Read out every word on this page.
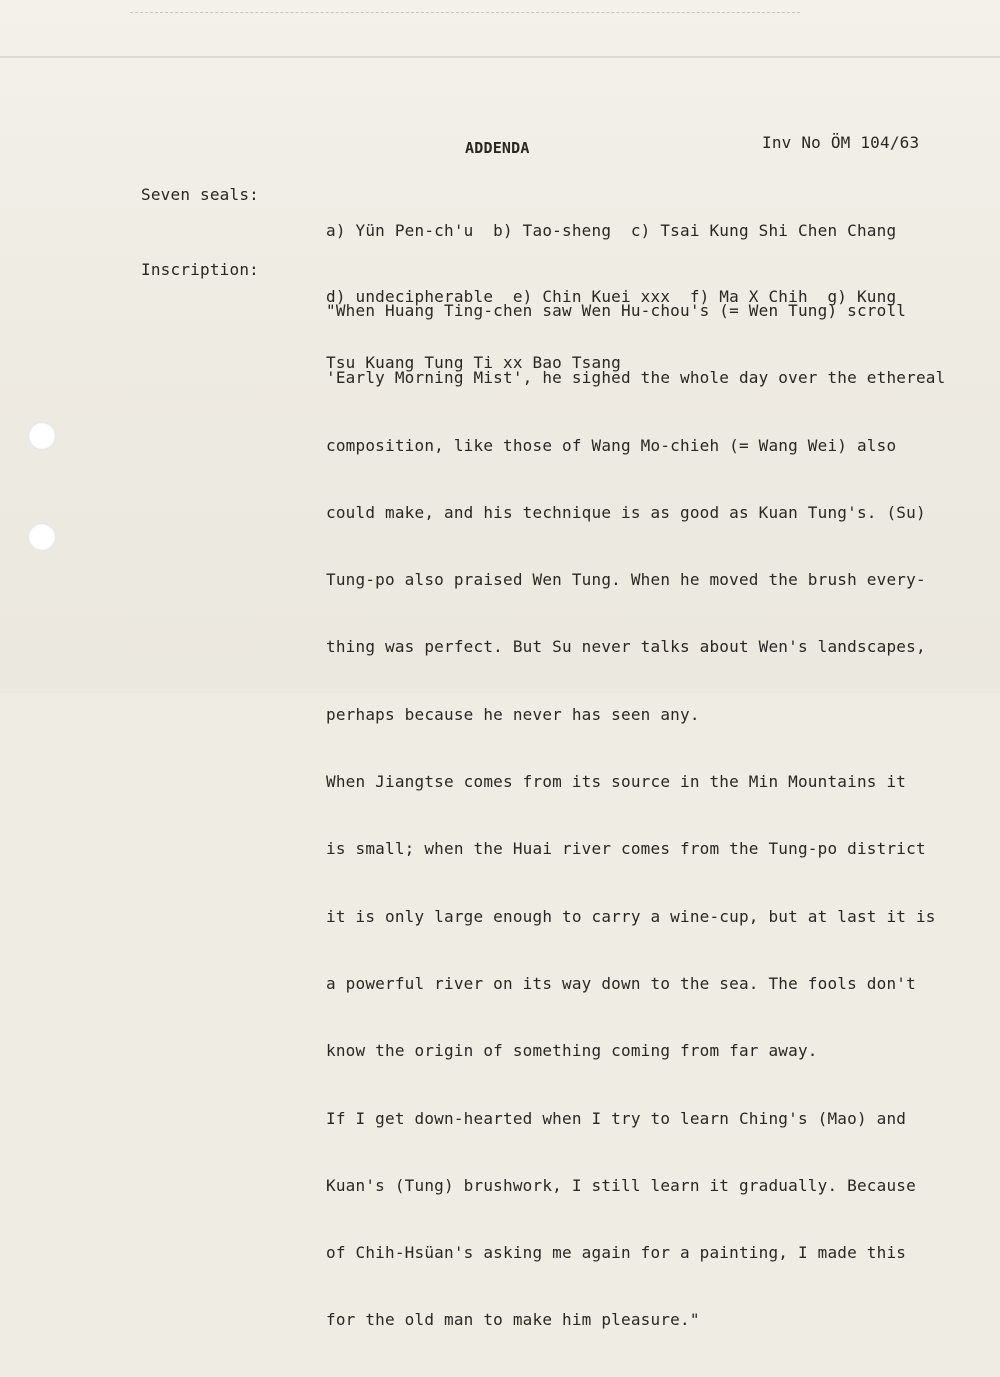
ADDENDA	Inv No ÖM 104/63
Seven seals:

a) Yün Pen-ch'u  b) Tao-sheng  c) Tsai Kung Shi Chen Chang

d) undecipherable  e) Chin Kuei xxx  f) Ma X Chih  g) Kung

Tsu Kuang Tung Ti xx Bao Tsang

Inscription:

"When Huang Ting-chen saw Wen Hu-chou's (= Wen Tung) scroll

'Early Morning Mist', he sighed the whole day over the ethereal

composition, like those of Wang Mo-chieh (= Wang Wei) also

could make, and his technique is as good as Kuan Tung's. (Su)

Tung-po also praised Wen Tung. When he moved the brush every-

thing was perfect. But Su never talks about Wen's landscapes,

perhaps because he never has seen any.

When Jiangtse comes from its source in the Min Mountains it

is small; when the Huai river comes from the Tung-po district

it is only large enough to carry a wine-cup, but at last it is

a powerful river on its way down to the sea. The fools don't

know the origin of something coming from far away.

If I get down-hearted when I try to learn Ching's (Mao) and

Kuan's (Tung) brushwork, I still learn it gradually. Because

of Chih-Hsüan's asking me again for a painting, I made this

for the old man to make him pleasure."
